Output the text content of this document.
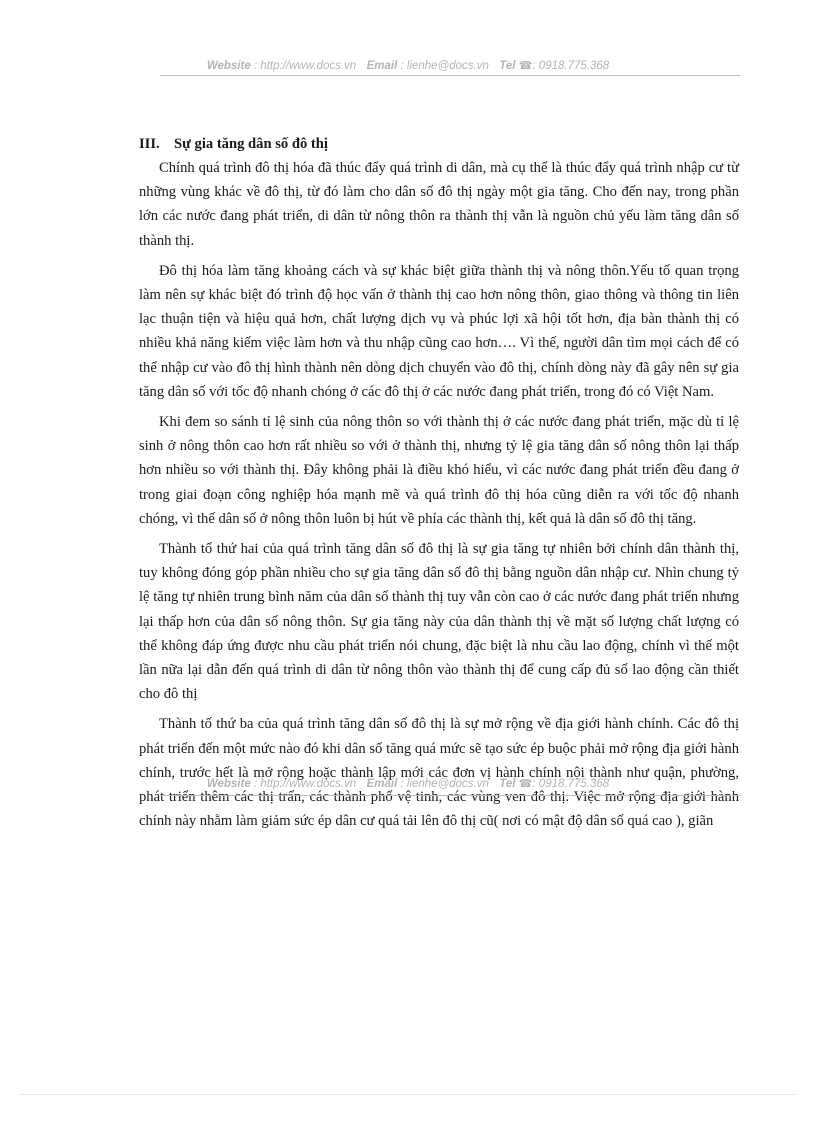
Website : http://www.docs.vn Email : lienhe@docs.vn Tel ☎: 0918.775.368
III. Sự gia tăng dân số đô thị

Chính quá trình đô thị hóa đã thúc đẩy quá trình di dân, mà cụ thể là thúc đẩy quá trình nhập cư từ những vùng khác về đô thị, từ đó làm cho dân số đô thị ngày một gia tăng. Cho đến nay, trong phần lớn các nước đang phát triển, di dân từ nông thôn ra thành thị vẫn là nguồn chủ yếu làm tăng dân số thành thị.

Đô thị hóa làm tăng khoảng cách và sự khác biệt giữa thành thị và nông thôn.Yếu tố quan trọng làm nên sự khác biệt đó trình độ học vấn ở thành thị cao hơn nông thôn, giao thông và thông tin liên lạc thuận tiện và hiệu quả hơn, chất lượng dịch vụ và phúc lợi xã hội tốt hơn, địa bàn thành thị có nhiều khả năng kiếm việc làm hơn và thu nhập cũng cao hơn…. Vì thế, người dân tìm mọi cách để có thể nhập cư vào đô thị hình thành nên dòng dịch chuyển vào đô thị, chính dòng này đã gây nên sự gia tăng dân số với tốc độ nhanh chóng ở các đô thị ở các nước đang phát triển, trong đó có Việt Nam.

Khi đem so sánh tỉ lệ sinh của nông thôn so với thành thị ở các nước đang phát triển, mặc dù tỉ lệ sinh ở nông thôn cao hơn rất nhiều so với ở thành thị, nhưng tỷ lệ gia tăng dân số nông thôn lại thấp hơn nhiều so với thành thị. Đây không phải là điều khó hiểu, vì các nước đang phát triển đều đang ở trong giai đoạn công nghiệp hóa mạnh mẽ và quá trình đô thị hóa cũng diễn ra với tốc độ nhanh chóng, vì thế dân số ở nông thôn luôn bị hút về phía các thành thị, kết quả là dân số đô thị tăng.

Thành tố thứ hai của quá trình tăng dân số đô thị là sự gia tăng tự nhiên bởi chính dân thành thị, tuy không đóng góp phần nhiều cho sự gia tăng dân số đô thị bằng nguồn dân nhập cư. Nhìn chung tỷ lệ tăng tự nhiên trung bình năm của dân số thành thị tuy vẫn còn cao ở các nước đang phát triển nhưng lại thấp hơn của dân số nông thôn. Sự gia tăng này của dân thành thị về mặt số lượng chất lượng có thể không đáp ứng được nhu cầu phát triển nói chung, đặc biệt là nhu cầu lao động, chính vì thế một lần nữa lại dẫn đến quá trình di dân từ nông thôn vào thành thị để cung cấp đủ số lao động cần thiết cho đô thị

Thành tố thứ ba của quá trình tăng dân số đô thị là sự mở rộng về địa giới hành chính. Các đô thị phát triển đến một mức nào đó khi dân số tăng quá mức sẽ tạo sức ép buộc phải mở rộng địa giới hành chính, trước hết là mở rộng hoặc thành lập mới các đơn vị hành chính nội thành như quận, phường, phát triển thêm các thị trấn, các thành phố vệ tinh, các vùng ven đô thị. Việc mở rộng địa giới hành chính này nhằm làm giảm sức ép dân cư quá tải lên đô thị cũ( nơi có mật độ dân số quá cao ), giãn

Website : http://www.docs.vn Email : lienhe@docs.vn Tel ☎: 0918.775.368
